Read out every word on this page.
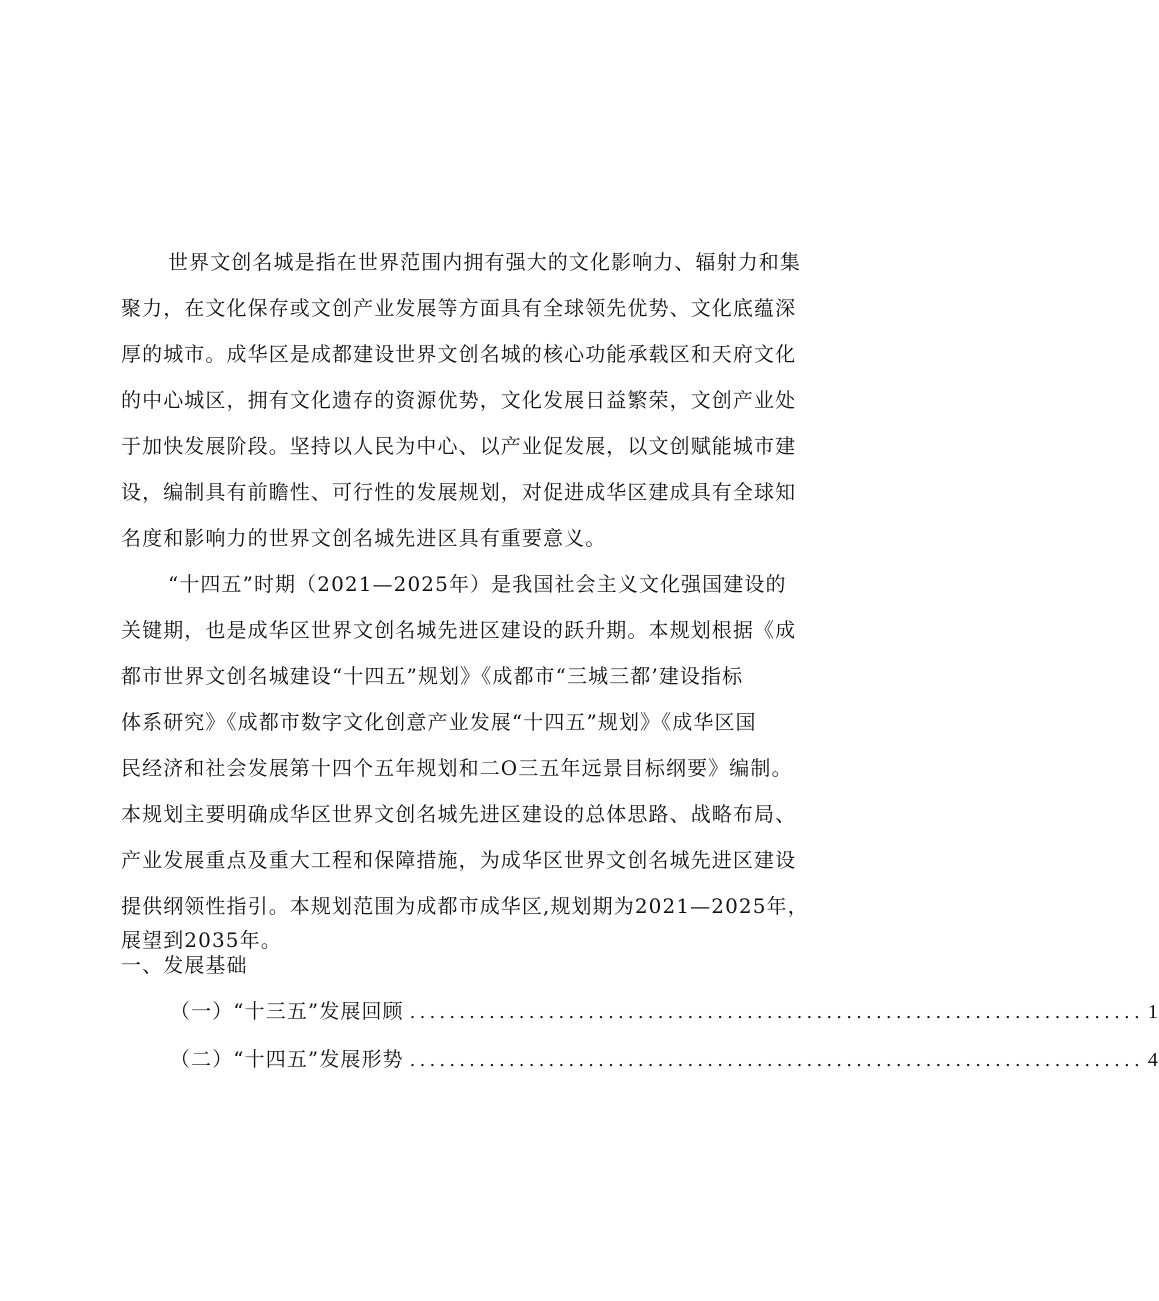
世界文创名城是指在世界范围内拥有强大的文化影响力、辐射力和集
聚力，在文化保存或文创产业发展等方面具有全球领先优势、文化底蕴深
厚的城市。成华区是成都建设世界文创名城的核心功能承载区和天府文化
的中心城区，拥有文化遗存的资源优势，文化发展日益繁荣，文创产业处
于加快发展阶段。坚持以人民为中心、以产业促发展，以文创赋能城市建
设，编制具有前瞻性、可行性的发展规划，对促进成华区建成具有全球知
名度和影响力的世界文创名城先进区具有重要意义。
“十四五”时期（2021—2025年）是我国社会主义文化强国建设的
关键期，也是成华区世界文创名城先进区建设的跃升期。本规划根据《成
都市世界文创名城建设“十四五”规划》《成都市“三城三都’建设指标
体系研究》《成都市数字文化创意产业发展“十四五”规划》《成华区国
民经济和社会发展第十四个五年规划和二O三五年远景目标纲要》编制。
本规划主要明确成华区世界文创名城先进区建设的总体思路、战略布局、
产业发展重点及重大工程和保障措施，为成华区世界文创名城先进区建设
提供纲领性指引。本规划范围为成都市成华区,规划期为2021—2025年，
展望到2035年。
一、发展基础
（一）“十三五”发展回顾 .......................................................................... 1
（二）“十四五”发展形势 .......................................................................... 4
